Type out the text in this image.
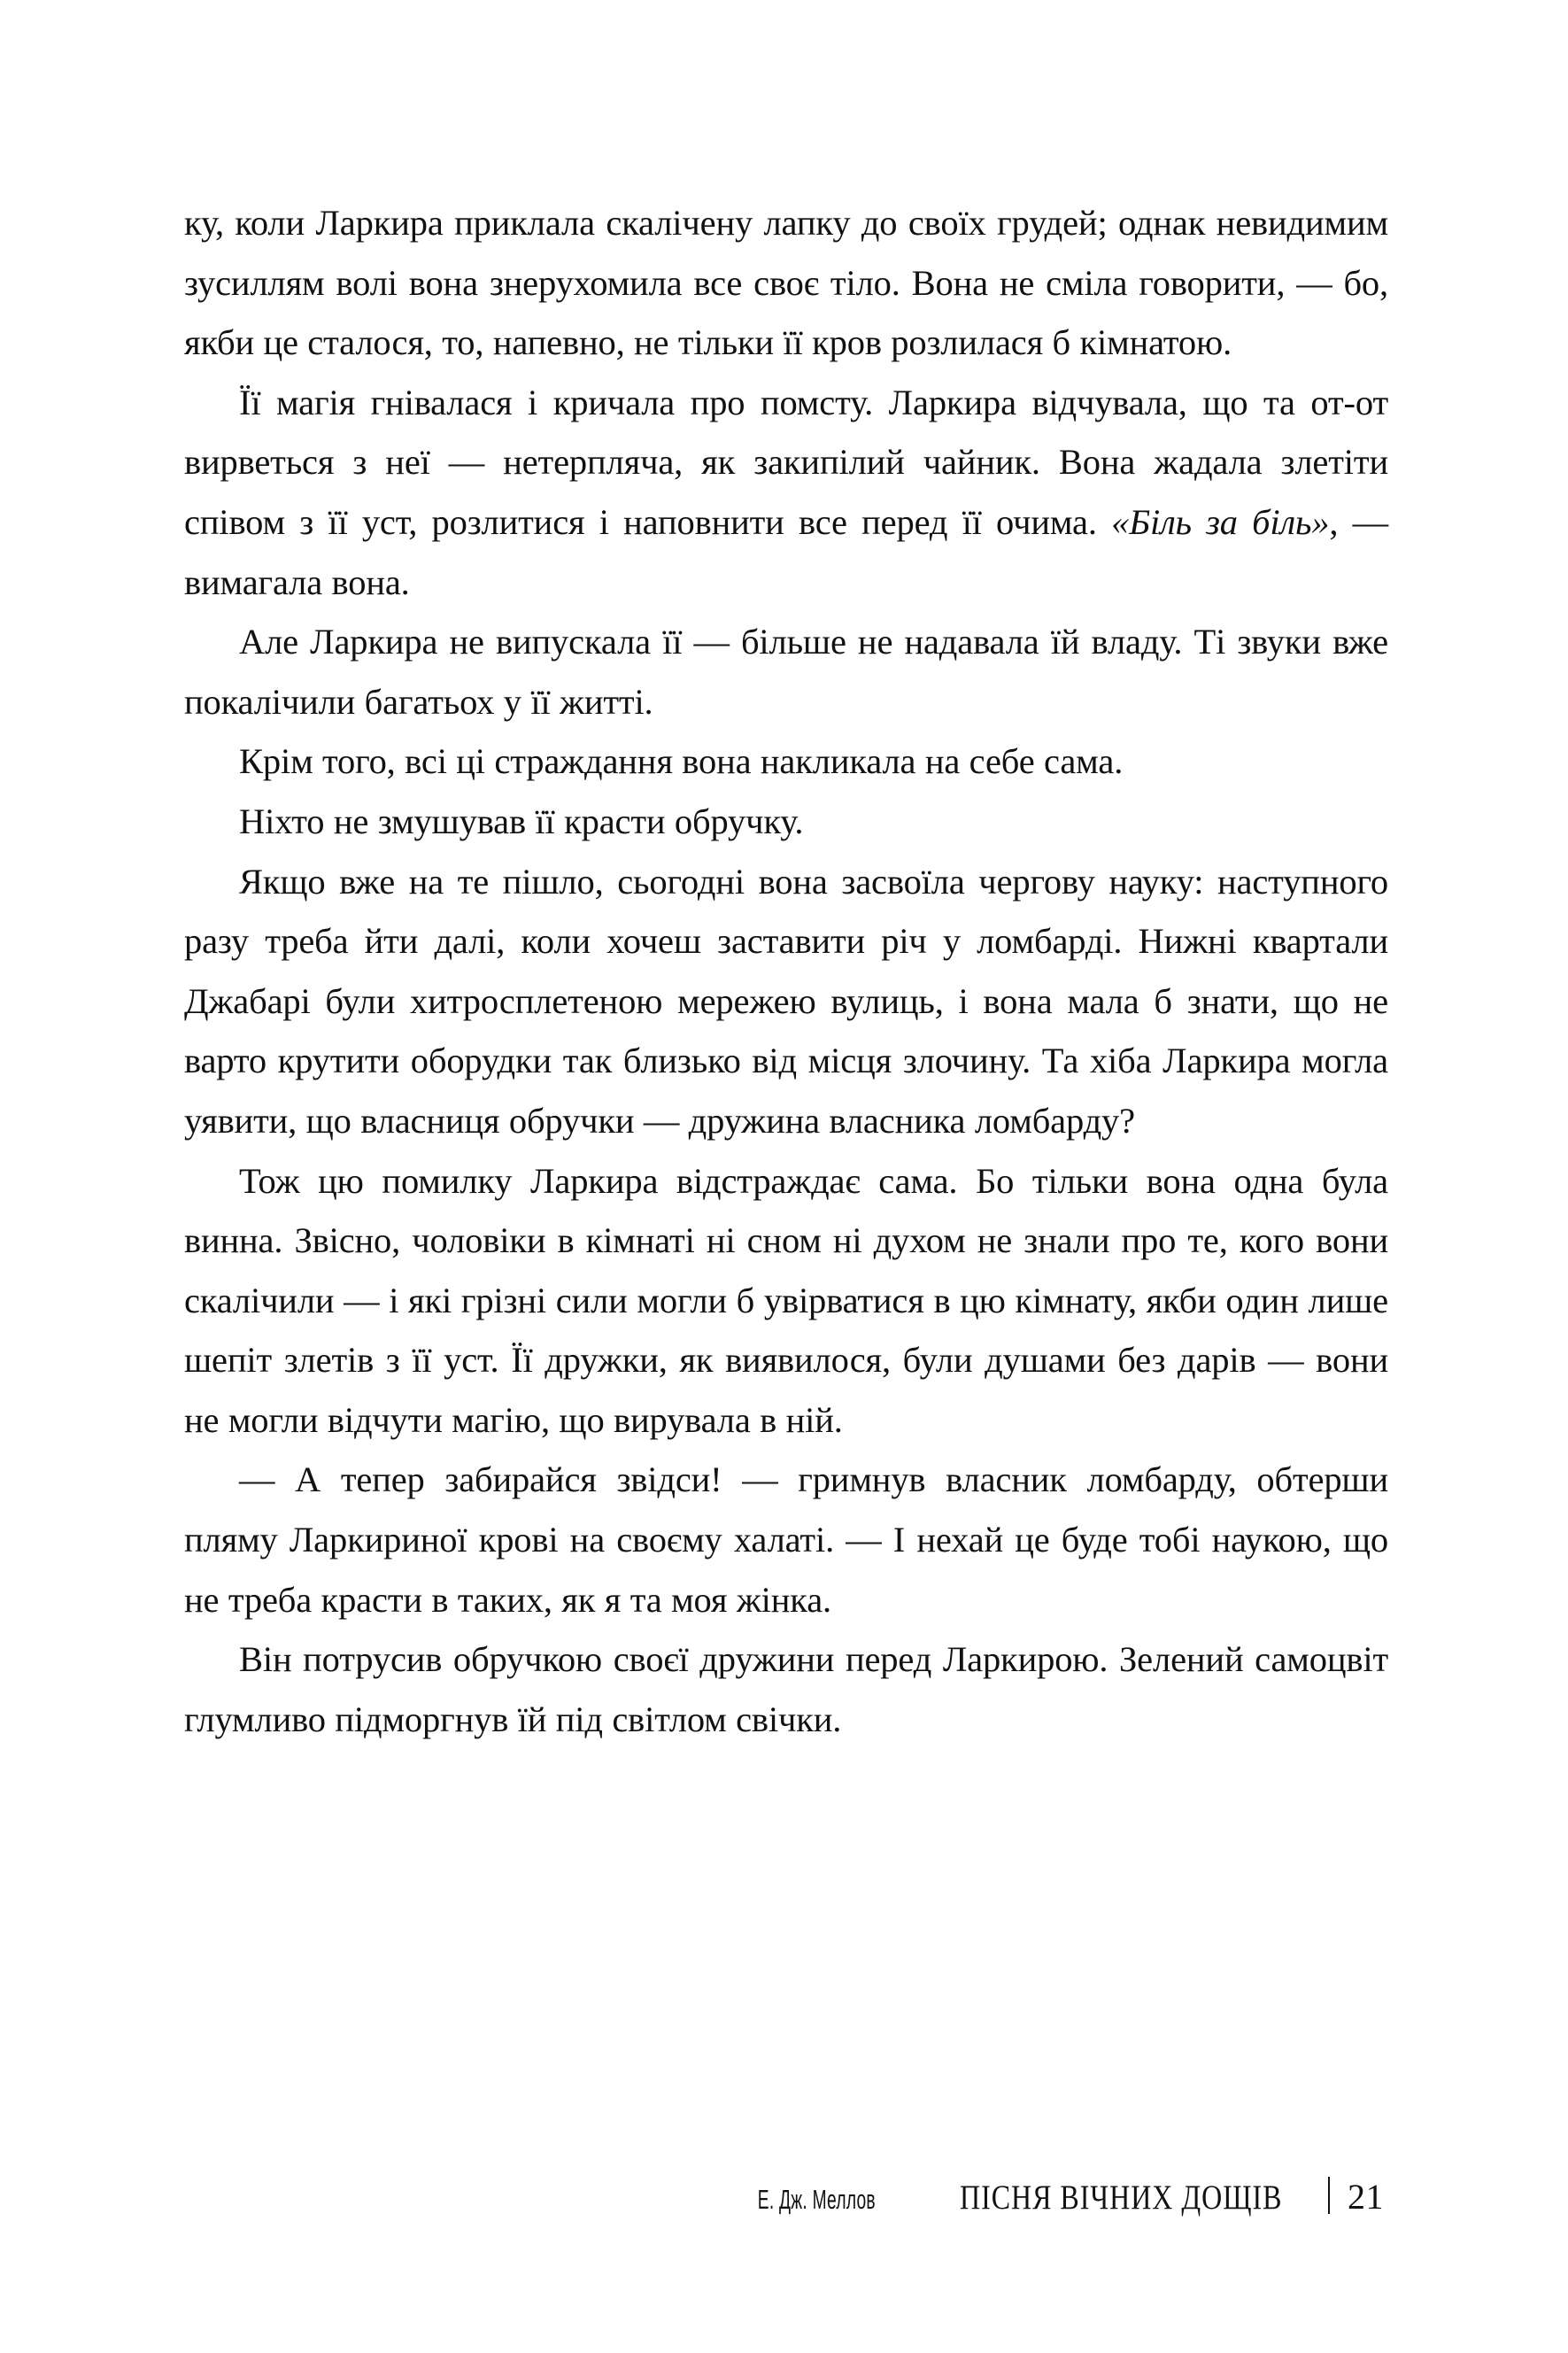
ку, коли Ларкира приклала скалічену лапку до своїх грудей; однак невидимим зусиллям волі вона знерухомила все своє тіло. Вона не сміла говорити, — бо, якби це сталося, то, напевно, не тільки її кров розлилася б кімнатою.

Її магія гнівалася і кричала про помсту. Ларкира відчувала, що та от-от вирветься з неї — нетерпляча, як закипілий чайник. Вона жадала злетіти співом з її уст, розлитися і наповнити все перед її очима. «Біль за біль», — вимагала вона.

Але Ларкира не випускала її — більше не надавала їй владу. Ті звуки вже покалічили багатьох у її житті.

Крім того, всі ці страждання вона накликала на себе сама.

Ніхто не змушував її красти обручку.

Якщо вже на те пішло, сьогодні вона засвоїла чергову науку: наступного разу треба йти далі, коли хочеш заставити річ у ломбарді. Нижні квартали Джабарі були хитросплетеною мережею вулиць, і вона мала б знати, що не варто крутити оборудки так близько від місця злочину. Та хіба Ларкира могла уявити, що власниця обручки — дружина власника ломбарду?

Тож цю помилку Ларкира відстраждає сама. Бо тільки вона одна була винна. Звісно, чоловіки в кімнаті ні сном ні духом не знали про те, кого вони скалічили — і які грізні сили могли б увірватися в цю кімнату, якби один лише шепіт злетів з її уст. Її дружки, як виявилося, були душами без дарів — вони не могли відчути магію, що вирувала в ній.

— А тепер забирайся звідси! — гримнув власник ломбарду, обтерши пляму Ларкириної крові на своєму халаті. — І нехай це буде тобі наукою, що не треба красти в таких, як я та моя жінка.

Він потрусив обручкою своєї дружини перед Ларкирою. Зелений самоцвіт глумливо підморгнув їй під світлом свічки.

Е. Дж. Меллов ПІСНЯ ВІЧНИХ ДОЩІВ 21
